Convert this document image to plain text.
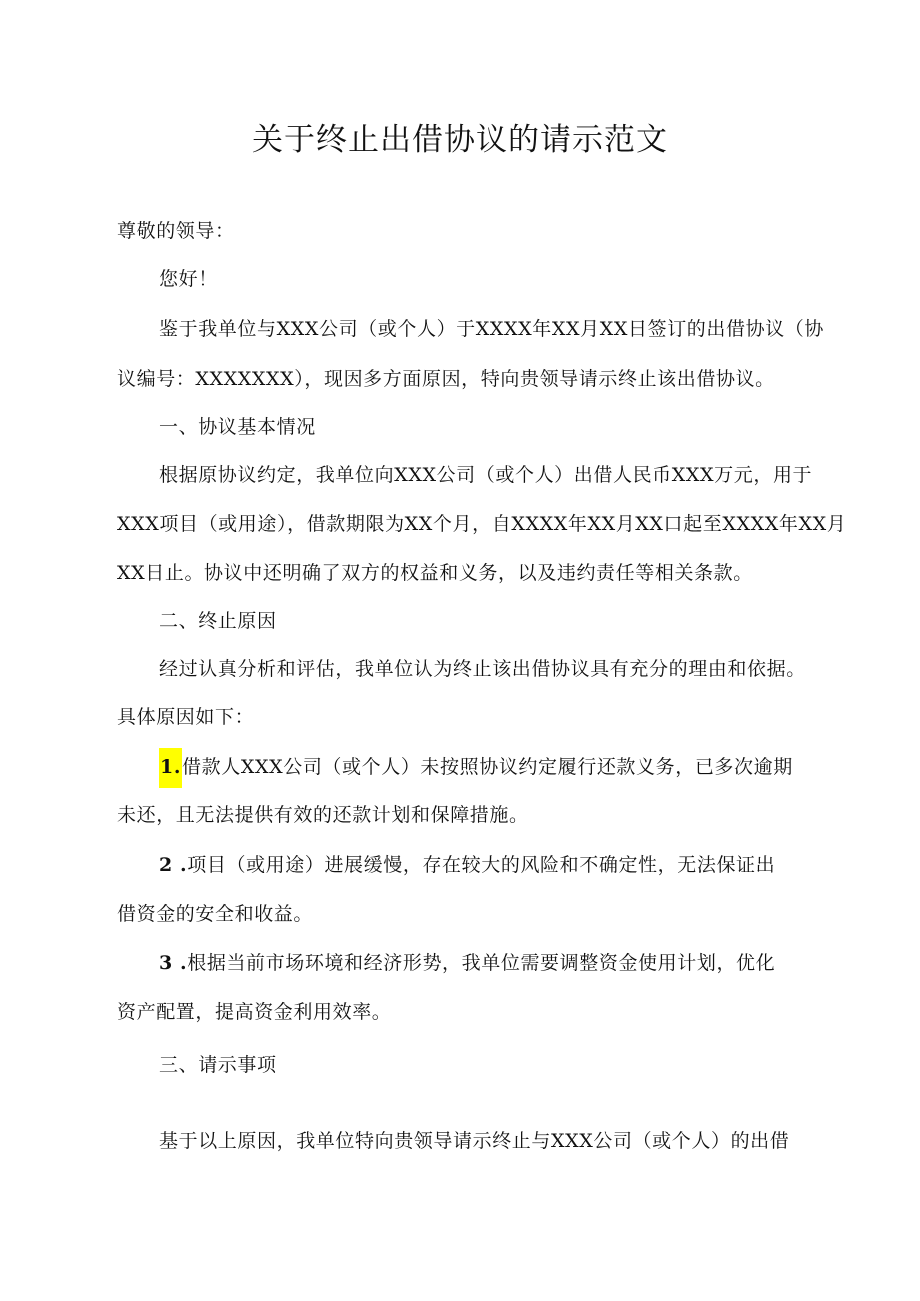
关于终止出借协议的请示范文
尊敬的领导：
您好！
鉴于我单位与XXX公司（或个人）于XXXX年XX月XX日签订的出借协议（协
议编号：XXXXXXX），现因多方面原因，特向贵领导请示终止该出借协议。
一、协议基本情况
根据原协议约定，我单位向XXX公司（或个人）出借人民币XXX万元，用于
XXX项目（或用途），借款期限为XX个月，自XXXX年XX月XX口起至XXXX年XX月
XX日止。协议中还明确了双方的权益和义务，以及违约责任等相关条款。
二、终止原因
经过认真分析和评估，我单位认为终止该出借协议具有充分的理由和依据。
具体原因如下：
1.借款人XXX公司（或个人）未按照协议约定履行还款义务，已多次逾期
未还，且无法提供有效的还款计划和保障措施。
2 .项目（或用途）进展缓慢，存在较大的风险和不确定性，无法保证出
借资金的安全和收益。
3 .根据当前市场环境和经济形势，我单位需要调整资金使用计划，优化
资产配置，提高资金利用效率。
三、请示事项
基于以上原因，我单位特向贵领导请示终止与XXX公司（或个人）的出借
